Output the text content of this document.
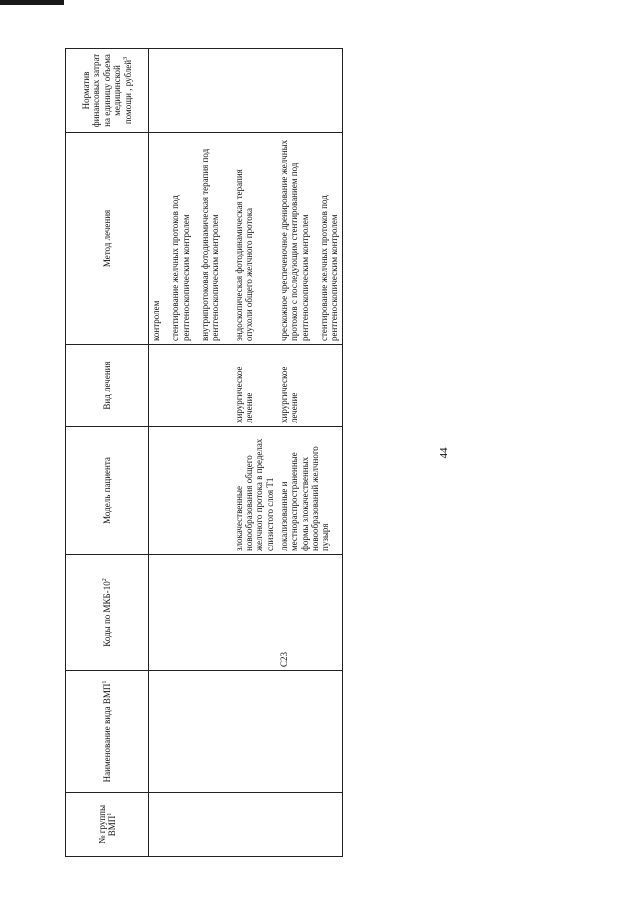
44
№ группы ВМП$^1$	Наименование вида ВМП$^1$	Коды по МКБ-$10^2$	Модель пациента	Вид лечения	Метод лечения	Норматив финансовых затрат на единицу объема медицинской помощи , рублей$^3$

					контролем стентирование желчных протоков под рентгеноскопическим контролем внутрипротоковая фотодинамическая терапия под рентгеноскопическим контролем	

			злокачественные новообразования общего желчного протока в пределах слизистого слоя T1	хирургическое лечение	эндоскопическая фотодинамическая терапия опухоли общего желчного протока	

		C23	локализованные и местнораспространенные формы злокачественных новообразований желчного пузыря	хирургическое лечение	чрескожное чреспеченочное дренирование желчных протоков с последующим стентированием под рентгеноскопическим контролем стентирование желчных протоков под рентгеноскопическим контролем	
